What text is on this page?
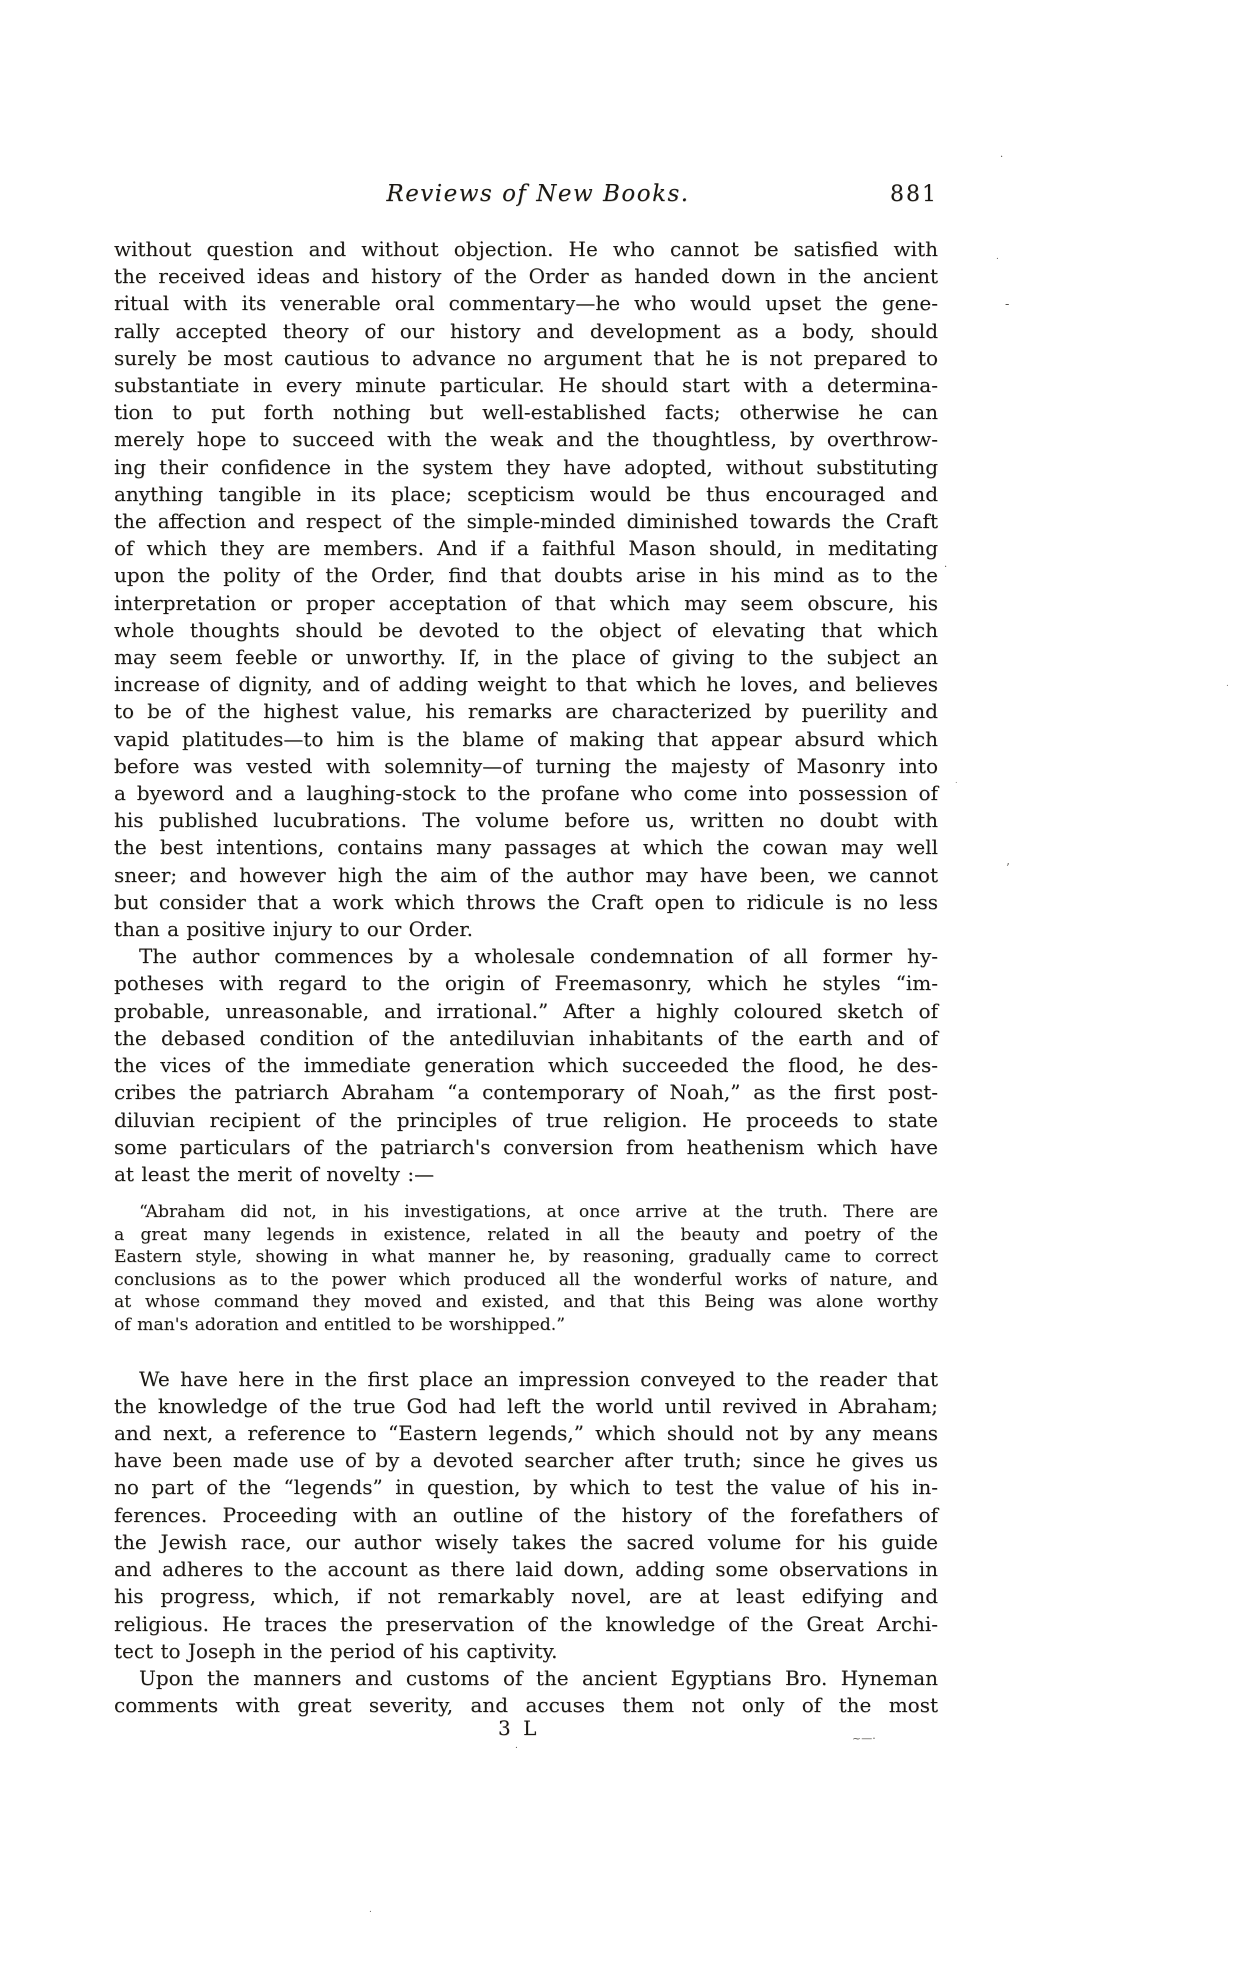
Reviews of New Books.	881
without question and without objection. He who cannot be satisfied with
the received ideas and history of the Order as handed down in the ancient
ritual with its venerable oral commentary—he who would upset the gene-
rally accepted theory of our history and development as a body, should
surely be most cautious to advance no argument that he is not prepared to
substantiate in every minute particular. He should start with a determina-
tion to put forth nothing but well-established facts; otherwise he can
merely hope to succeed with the weak and the thoughtless, by overthrow-
ing their confidence in the system they have adopted, without substituting
anything tangible in its place; scepticism would be thus encouraged and
the affection and respect of the simple-minded diminished towards the Craft
of which they are members. And if a faithful Mason should, in meditating
upon the polity of the Order, find that doubts arise in his mind as to the
interpretation or proper acceptation of that which may seem obscure, his
whole thoughts should be devoted to the object of elevating that which
may seem feeble or unworthy. If, in the place of giving to the subject an
increase of dignity, and of adding weight to that which he loves, and believes
to be of the highest value, his remarks are characterized by puerility and
vapid platitudes—to him is the blame of making that appear absurd which
before was vested with solemnity—of turning the majesty of Masonry into
a byeword and a laughing-stock to the profane who come into possession of
his published lucubrations. The volume before us, written no doubt with
the best intentions, contains many passages at which the cowan may well
sneer; and however high the aim of the author may have been, we cannot
but consider that a work which throws the Craft open to ridicule is no less
than a positive injury to our Order.
The author commences by a wholesale condemnation of all former hy-
potheses with regard to the origin of Freemasonry, which he styles “im-
probable, unreasonable, and irrational.” After a highly coloured sketch of
the debased condition of the antediluvian inhabitants of the earth and of
the vices of the immediate generation which succeeded the flood, he des-
cribes the patriarch Abraham “a contemporary of Noah,” as the first post-
diluvian recipient of the principles of true religion. He proceeds to state
some particulars of the patriarch's conversion from heathenism which have
at least the merit of novelty :—
“Abraham did not, in his investigations, at once arrive at the truth. There are
a great many legends in existence, related in all the beauty and poetry of the
Eastern style, showing in what manner he, by reasoning, gradually came to correct
conclusions as to the power which produced all the wonderful works of nature, and
at whose command they moved and existed, and that this Being was alone worthy
of man's adoration and entitled to be worshipped.”
We have here in the first place an impression conveyed to the reader that
the knowledge of the true God had left the world until revived in Abraham;
and next, a reference to “Eastern legends,” which should not by any means
have been made use of by a devoted searcher after truth; since he gives us
no part of the “legends” in question, by which to test the value of his in-
ferences. Proceeding with an outline of the history of the forefathers of
the Jewish race, our author wisely takes the sacred volume for his guide
and adheres to the account as there laid down, adding some observations in
his progress, which, if not remarkably novel, are at least edifying and
religious. He traces the preservation of the knowledge of the Great Archi-
tect to Joseph in the period of his captivity.
Upon the manners and customs of the ancient Egyptians Bro. Hyneman
comments with great severity, and accuses them not only of the most
3 L
.
.
-
.
.
.
’
.
~—·
.
